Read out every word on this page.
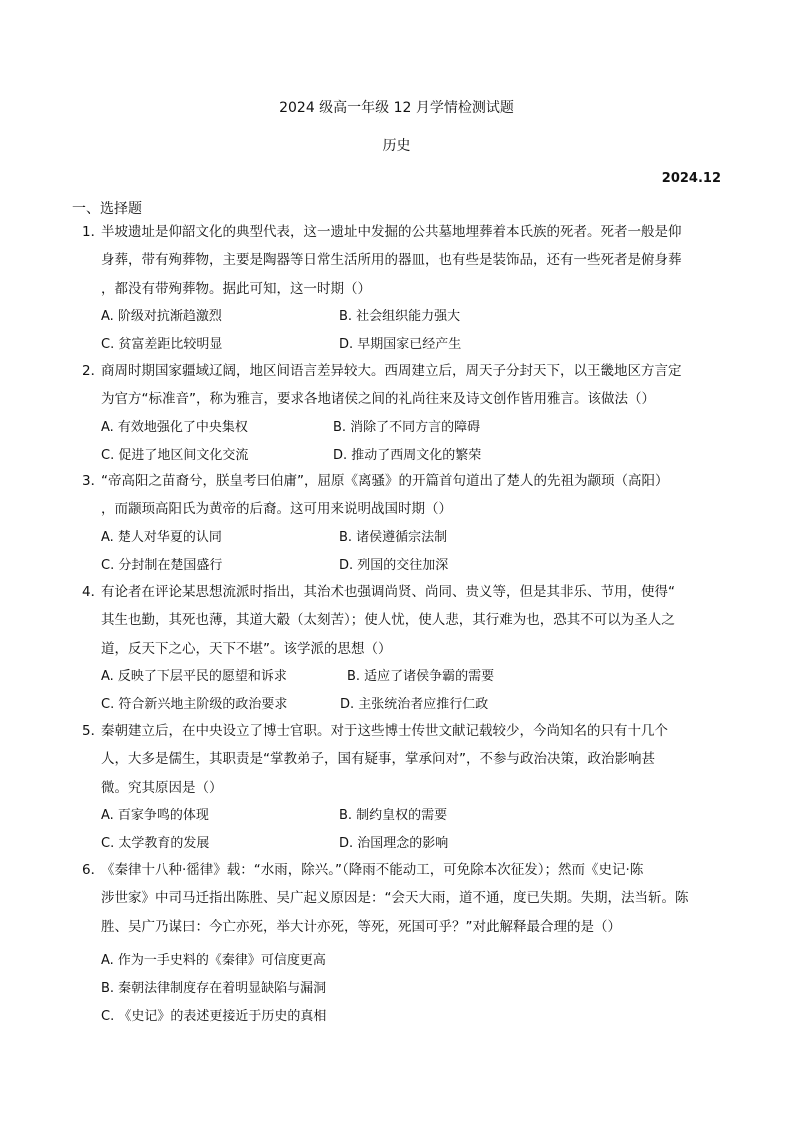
2024 级高一年级 12 月学情检测试题
历史
2024.12
一、选择题
1．半坡遗址是仰韶文化的典型代表，这一遗址中发掘的公共墓地埋葬着本氏族的死者。死者一般是仰
身葬，带有殉葬物，主要是陶器等日常生活所用的器皿，也有些是装饰品，还有一些死者是俯身葬
，都没有带殉葬物。据此可知，这一时期（）
A. 阶级对抗渐趋激烈	B. 社会组织能力强大
C. 贫富差距比较明显	D. 早期国家已经产生
2．商周时期国家疆域辽阔，地区间语言差异较大。西周建立后，周天子分封天下，以王畿地区方言定
为官方“标准音”，称为雅言，要求各地诸侯之间的礼尚往来及诗文创作皆用雅言。该做法（）
A. 有效地强化了中央集权	B. 消除了不同方言的障碍
C. 促进了地区间文化交流	D. 推动了西周文化的繁荣
3．“帝高阳之苗裔兮，朕皇考曰伯庸”，屈原《离骚》的开篇首句道出了楚人的先祖为颛顼（高阳）
，而颛顼高阳氏为黄帝的后裔。这可用来说明战国时期（）
A. 楚人对华夏的认同	B. 诸侯遵循宗法制
C. 分封制在楚国盛行	D. 列国的交往加深
4．有论者在评论某思想流派时指出，其治术也强调尚贤、尚同、贵义等，但是其非乐、节用，使得“
其生也勤，其死也薄，其道大觳（太刻苦）；使人忧，使人悲，其行难为也，恐其不可以为圣人之
道，反天下之心，天下不堪”。该学派的思想（）
A. 反映了下层平民的愿望和诉求	B. 适应了诸侯争霸的需要
C. 符合新兴地主阶级的政治要求	D. 主张统治者应推行仁政
5．秦朝建立后，在中央设立了博士官职。对于这些博士传世文献记载较少，今尚知名的只有十几个
人，大多是儒生，其职责是“掌教弟子，国有疑事，掌承问对”，不参与政治决策，政治影响甚
微。究其原因是（）
A. 百家争鸣的体现	B. 制约皇权的需要
C. 太学教育的发展	D. 治国理念的影响
6．《秦律十八种·徭律》载：“水雨，除兴。”（降雨不能动工，可免除本次征发）；然而《史记·陈
涉世家》中司马迁指出陈胜、吴广起义原因是：“会天大雨，道不通，度已失期。失期，法当斩。陈
胜、吴广乃谋曰：今亡亦死，举大计亦死，等死，死国可乎？”对此解释最合理的是（）
A. 作为一手史料的《秦律》可信度更高
B. 秦朝法律制度存在着明显缺陷与漏洞
C. 《史记》的表述更接近于历史的真相
